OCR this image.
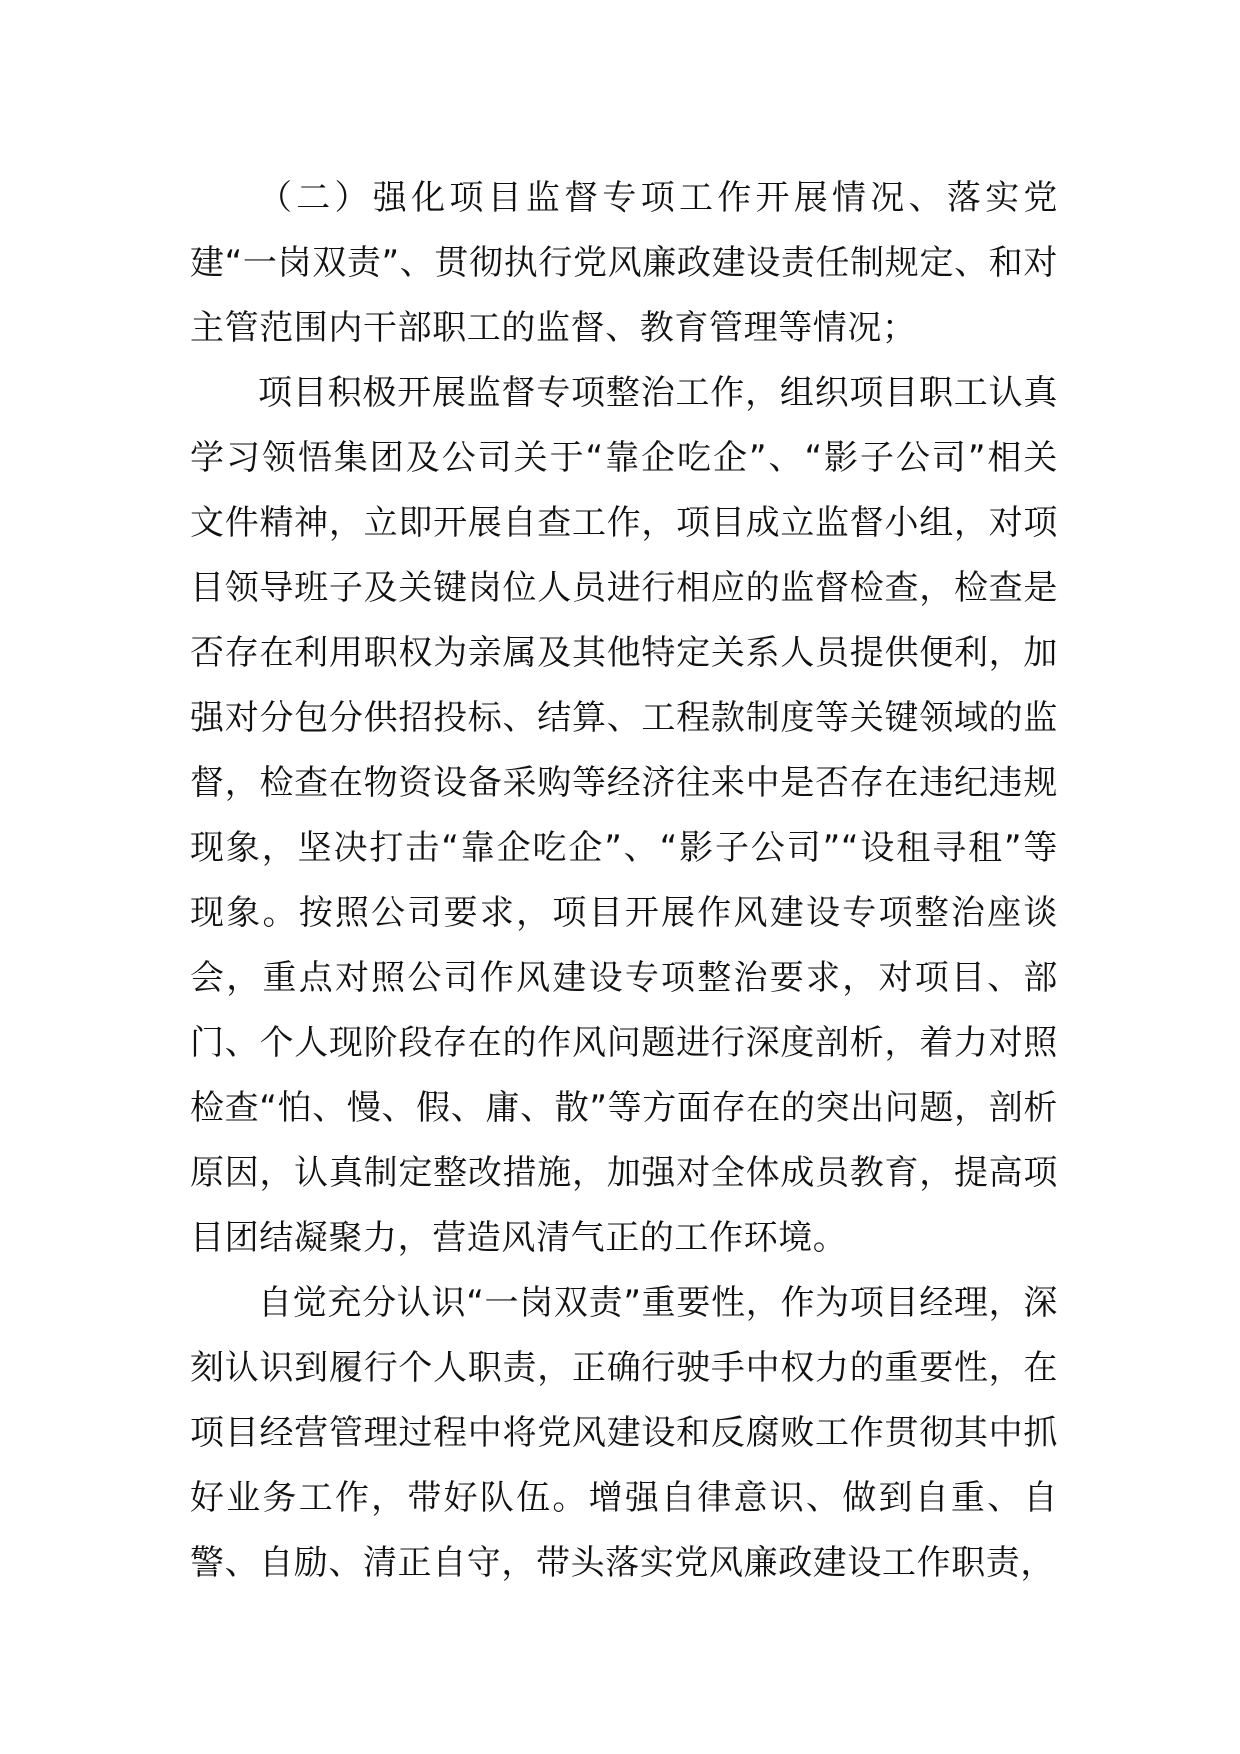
（二）强化项目监督专项工作开展情况、落实党建“一岗双责”、贯彻执行党风廉政建设责任制规定、和对主管范围内干部职工的监督、教育管理等情况；

项目积极开展监督专项整治工作，组织项目职工认真学习领悟集团及公司关于“靠企吃企”、“影子公司”相关文件精神，立即开展自查工作，项目成立监督小组，对项目领导班子及关键岗位人员进行相应的监督检查，检查是否存在利用职权为亲属及其他特定关系人员提供便利，加强对分包分供招投标、结算、工程款制度等关键领域的监督，检查在物资设备采购等经济往来中是否存在违纪违规现象，坚决打击“靠企吃企”、“影子公司”“设租寻租”等现象。按照公司要求，项目开展作风建设专项整治座谈会，重点对照公司作风建设专项整治要求，对项目、部门、个人现阶段存在的作风问题进行深度剖析，着力对照检查“怕、慢、假、庸、散”等方面存在的突出问题，剖析原因，认真制定整改措施，加强对全体成员教育，提高项目团结凝聚力，营造风清气正的工作环境。

自觉充分认识“一岗双责”重要性，作为项目经理，深刻认识到履行个人职责，正确行驶手中权力的重要性，在项目经营管理过程中将党风建设和反腐败工作贯彻其中抓好业务工作，带好队伍。增强自律意识、做到自重、自警、自励、清正自守，带头落实党风廉政建设工作职责，
